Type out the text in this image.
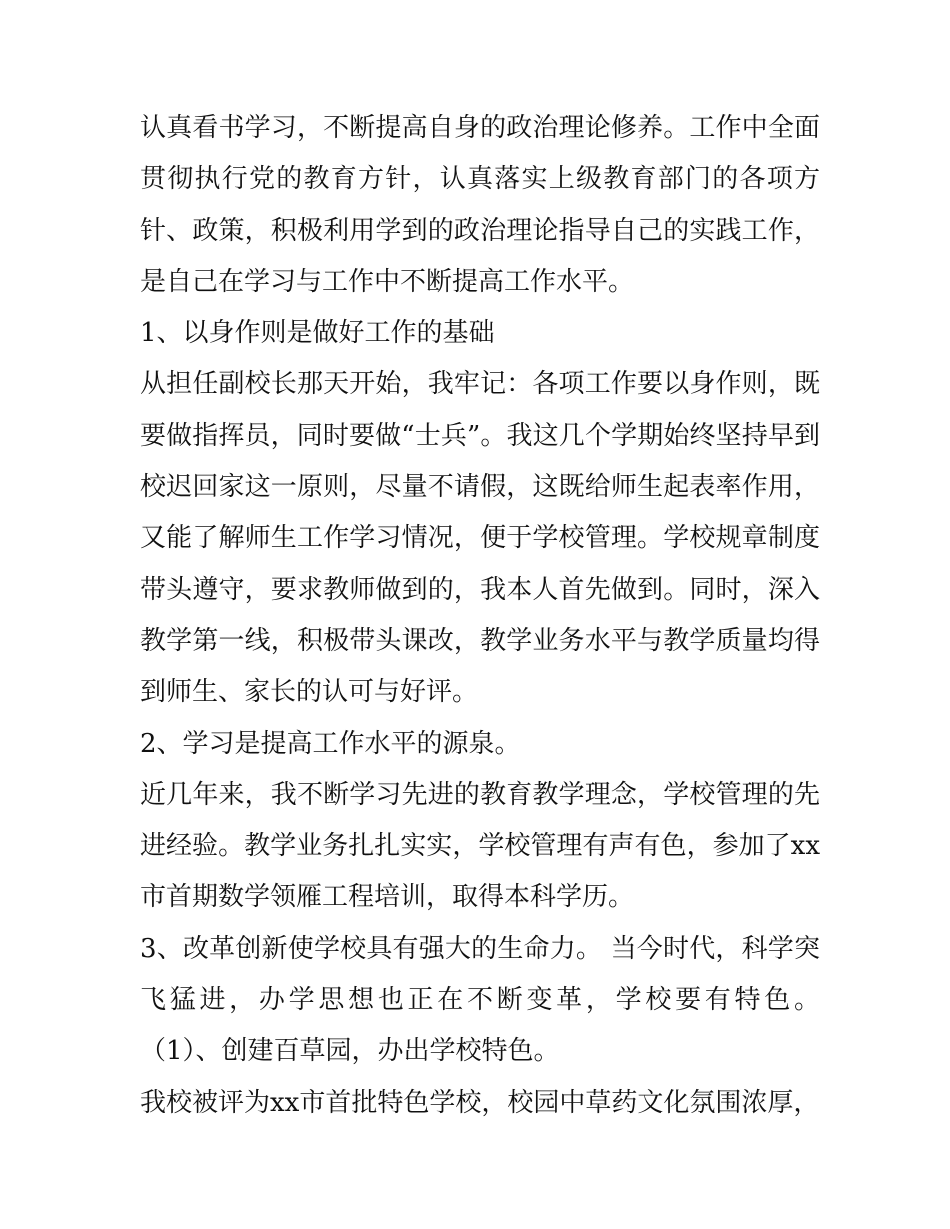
认真看书学习，不断提高自身的政治理论修养。工作中全面贯彻执行党的教育方针，认真落实上级教育部门的各项方针、政策，积极利用学到的政治理论指导自己的实践工作，是自己在学习与工作中不断提高工作水平。

1、以身作则是做好工作的基础

从担任副校长那天开始，我牢记：各项工作要以身作则，既要做指挥员，同时要做“士兵”。我这几个学期始终坚持早到校迟回家这一原则，尽量不请假，这既给师生起表率作用，又能了解师生工作学习情况，便于学校管理。学校规章制度带头遵守，要求教师做到的，我本人首先做到。同时，深入教学第一线，积极带头课改，教学业务水平与教学质量均得到师生、家长的认可与好评。

2、学习是提高工作水平的源泉。

近几年来，我不断学习先进的教育教学理念，学校管理的先进经验。教学业务扎扎实实，学校管理有声有色，参加了xx市首期数学领雁工程培训，取得本科学历。

3、改革创新使学校具有强大的生命力。 当今时代，科学突飞猛进，办学思想也正在不断变革，学校要有特色。 （1）、创建百草园，办出学校特色。

我校被评为xx市首批特色学校，校园中草药文化氛围浓厚，
